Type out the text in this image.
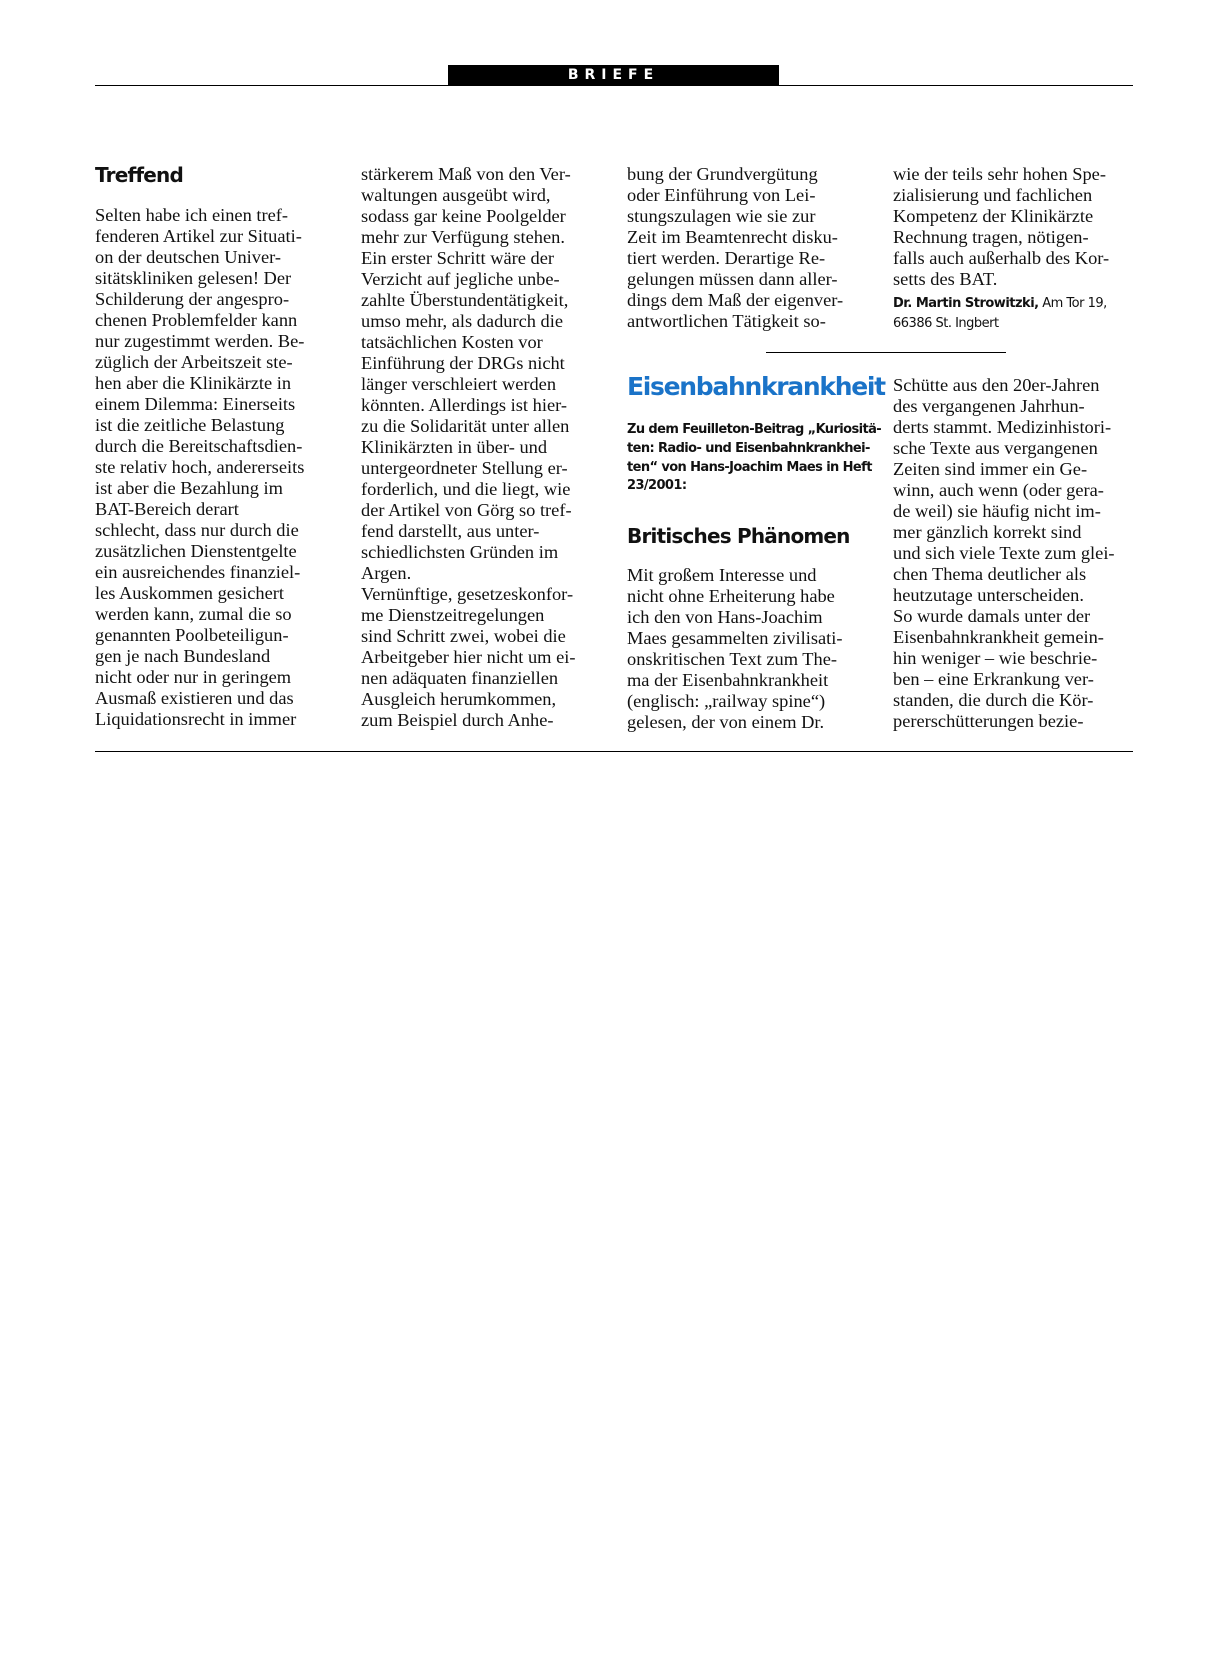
BRIEFE
Treffend
Selten habe ich einen tref-
fenderen Artikel zur Situati-
on der deutschen Univer-
sitätskliniken gelesen! Der
Schilderung der angespro-
chenen Problemfelder kann
nur zugestimmt werden. Be-
züglich der Arbeitszeit ste-
hen aber die Klinikärzte in
einem Dilemma: Einerseits
ist die zeitliche Belastung
durch die Bereitschaftsdien-
ste relativ hoch, andererseits
ist aber die Bezahlung im
BAT-Bereich derart
schlecht, dass nur durch die
zusätzlichen Dienstentgelte
ein ausreichendes finanziel-
les Auskommen gesichert
werden kann, zumal die so
genannten Poolbeteiligun-
gen je nach Bundesland
nicht oder nur in geringem
Ausmaß existieren und das
Liquidationsrecht in immer
stärkerem Maß von den Ver-
waltungen ausgeübt wird,
sodass gar keine Poolgelder
mehr zur Verfügung stehen.
Ein erster Schritt wäre der
Verzicht auf jegliche unbe-
zahlte Überstundentätigkeit,
umso mehr, als dadurch die
tatsächlichen Kosten vor
Einführung der DRGs nicht
länger verschleiert werden
könnten. Allerdings ist hier-
zu die Solidarität unter allen
Klinikärzten in über- und
untergeordneter Stellung er-
forderlich, und die liegt, wie
der Artikel von Görg so tref-
fend darstellt, aus unter-
schiedlichsten Gründen im
Argen.
Vernünftige, gesetzeskonfor-
me Dienstzeitregelungen
sind Schritt zwei, wobei die
Arbeitgeber hier nicht um ei-
nen adäquaten finanziellen
Ausgleich herumkommen,
zum Beispiel durch Anhe-
bung der Grundvergütung
oder Einführung von Lei-
stungszulagen wie sie zur
Zeit im Beamtenrecht disku-
tiert werden. Derartige Re-
gelungen müssen dann aller-
dings dem Maß der eigenver-
antwortlichen Tätigkeit so-
wie der teils sehr hohen Spe-
zialisierung und fachlichen
Kompetenz der Klinikärzte
Rechnung tragen, nötigen-
falls auch außerhalb des Kor-
setts des BAT.
Dr. Martin Strowitzki, Am Tor 19,
66386 St. Ingbert
Eisenbahnkrankheit
Zu dem Feuilleton-Beitrag „Kuriositä-
ten: Radio- und Eisenbahnkrankhei-
ten“ von Hans-Joachim Maes in Heft
23/2001:
Britisches Phänomen
Mit großem Interesse und
nicht ohne Erheiterung habe
ich den von Hans-Joachim
Maes gesammelten zivilisati-
onskritischen Text zum The-
ma der Eisenbahnkrankheit
(englisch: „railway spine“)
gelesen, der von einem Dr.
Schütte aus den 20er-Jahren
des vergangenen Jahrhun-
derts stammt. Medizinhistori-
sche Texte aus vergangenen
Zeiten sind immer ein Ge-
winn, auch wenn (oder gera-
de weil) sie häufig nicht im-
mer gänzlich korrekt sind
und sich viele Texte zum glei-
chen Thema deutlicher als
heutzutage unterscheiden.
So wurde damals unter der
Eisenbahnkrankheit gemein-
hin weniger – wie beschrie-
ben – eine Erkrankung ver-
standen, die durch die Kör-
pererschütterungen bezie-
